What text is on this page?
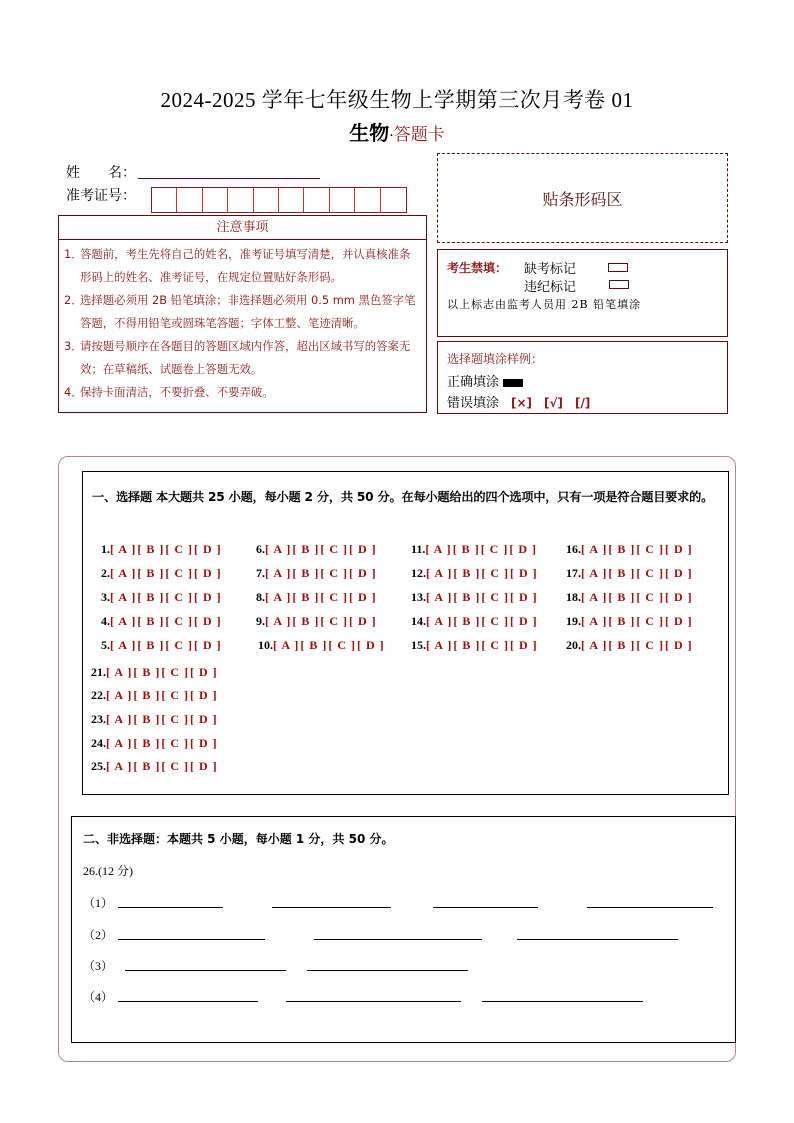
2024-2025 学年七年级生物上学期第三次月考卷 01
生物·答题卡
姓　　名：
准考证号：
注意事项
1．答题前，考生先将自己的姓名，准考证号填写清楚，并认真核准条形码上的姓名、准考证号，在规定位置贴好条形码。
2．选择题必须用 2B 铅笔填涂；非选择题必须用 0.5 mm 黑色签字笔答题，不得用铅笔或圆珠笔答题；字体工整、笔迹清晰。
3．请按题号顺序在各题目的答题区域内作答，超出区域书写的答案无效；在草稿纸、试题卷上答题无效。
4．保持卡面清洁，不要折叠、不要弄破。
贴条形码区
考生禁填： 缺考标记
违纪标记
以上标志由监考人员用 2B 铅笔填涂
选择题填涂样例：
正确填涂
错误填涂 [×] [√] [/]
一、选择题 本大题共 25 小题，每小题 2 分，共 50 分。在每小题给出的四个选项中，只有一项是符合题目要求的。
1.[ A ][ B ][ C ][ D ]
2.[ A ][ B ][ C ][ D ]
3.[ A ][ B ][ C ][ D ]
4.[ A ][ B ][ C ][ D ]
5.[ A ][ B ][ C ][ D ]
6.[ A ][ B ][ C ][ D ]
7.[ A ][ B ][ C ][ D ]
8.[ A ][ B ][ C ][ D ]
9.[ A ][ B ][ C ][ D ]
10.[ A ][ B ][ C ][ D ]
11.[ A ][ B ][ C ][ D ]
12.[ A ][ B ][ C ][ D ]
13.[ A ][ B ][ C ][ D ]
14.[ A ][ B ][ C ][ D ]
15.[ A ][ B ][ C ][ D ]
16.[ A ][ B ][ C ][ D ]
17.[ A ][ B ][ C ][ D ]
18.[ A ][ B ][ C ][ D ]
19.[ A ][ B ][ C ][ D ]
20.[ A ][ B ][ C ][ D ]
21.[ A ][ B ][ C ][ D ]
22.[ A ][ B ][ C ][ D ]
23.[ A ][ B ][ C ][ D ]
24.[ A ][ B ][ C ][ D ]
25.[ A ][ B ][ C ][ D ]
二、非选择题：本题共 5 小题，每小题 1 分，共 50 分。
26.(12 分)
（1）
（2）
（3）
（4）
